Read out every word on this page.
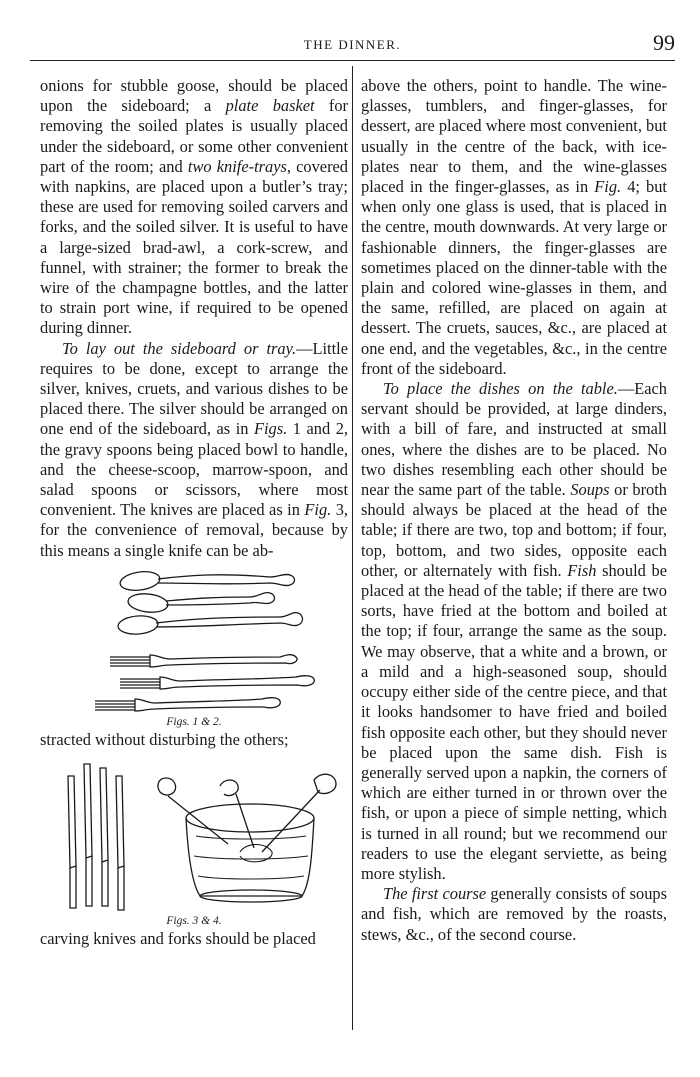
THE DINNER.	99

onions for stubble goose, should be placed upon the sideboard; a plate basket for removing the soiled plates is usually placed under the sideboard, or some other convenient part of the room; and two knife-trays, covered with napkins, are placed upon a butler’s tray; these are used for removing soiled carvers and forks, and the soiled silver. It is useful to have a large-sized brad-awl, a cork-screw, and funnel, with strainer; the former to break the wire of the champagne bottles, and the latter to strain port wine, if required to be opened during dinner.

To lay out the sideboard or tray.—Little requires to be done, except to arrange the silver, knives, cruets, and various dishes to be placed there. The silver should be arranged on one end of the sideboard, as in Figs. 1 and 2, the gravy spoons being placed bowl to handle, and the cheese-scoop, marrow-spoon, and salad spoons or scissors, where most convenient. The knives are placed as in Fig. 3, for the convenience of removal, because by this means a single knife can be ab-

Figs. 1 & 2.

stracted without disturbing the others;

Figs. 3 & 4.

carving knives and forks should be placed

above the others, point to handle. The wine-glasses, tumblers, and finger-glasses, for dessert, are placed where most convenient, but usually in the centre of the back, with ice-plates near to them, and the wine-glasses placed in the finger-glasses, as in Fig. 4; but when only one glass is used, that is placed in the centre, mouth downwards. At very large or fashionable dinners, the finger-glasses are sometimes placed on the dinner-table with the plain and colored wine-glasses in them, and the same, refilled, are placed on again at dessert. The cruets, sauces, &c., are placed at one end, and the vegetables, &c., in the centre front of the sideboard.

To place the dishes on the table.—Each servant should be provided, at large dinders, with a bill of fare, and instructed at small ones, where the dishes are to be placed. No two dishes resembling each other should be near the same part of the table. Soups or broth should always be placed at the head of the table; if there are two, top and bottom; if four, top, bottom, and two sides, opposite each other, or alternately with fish. Fish should be placed at the head of the table; if there are two sorts, have fried at the bottom and boiled at the top; if four, arrange the same as the soup. We may observe, that a white and a brown, or a mild and a high-seasoned soup, should occupy either side of the centre piece, and that it looks handsomer to have fried and boiled fish opposite each other, but they should never be placed upon the same dish. Fish is generally served upon a napkin, the corners of which are either turned in or thrown over the fish, or upon a piece of simple netting, which is turned in all round; but we recommend our readers to use the elegant serviette, as being more stylish.

The first course generally consists of soups and fish, which are removed by the roasts, stews, &c., of the second course.
